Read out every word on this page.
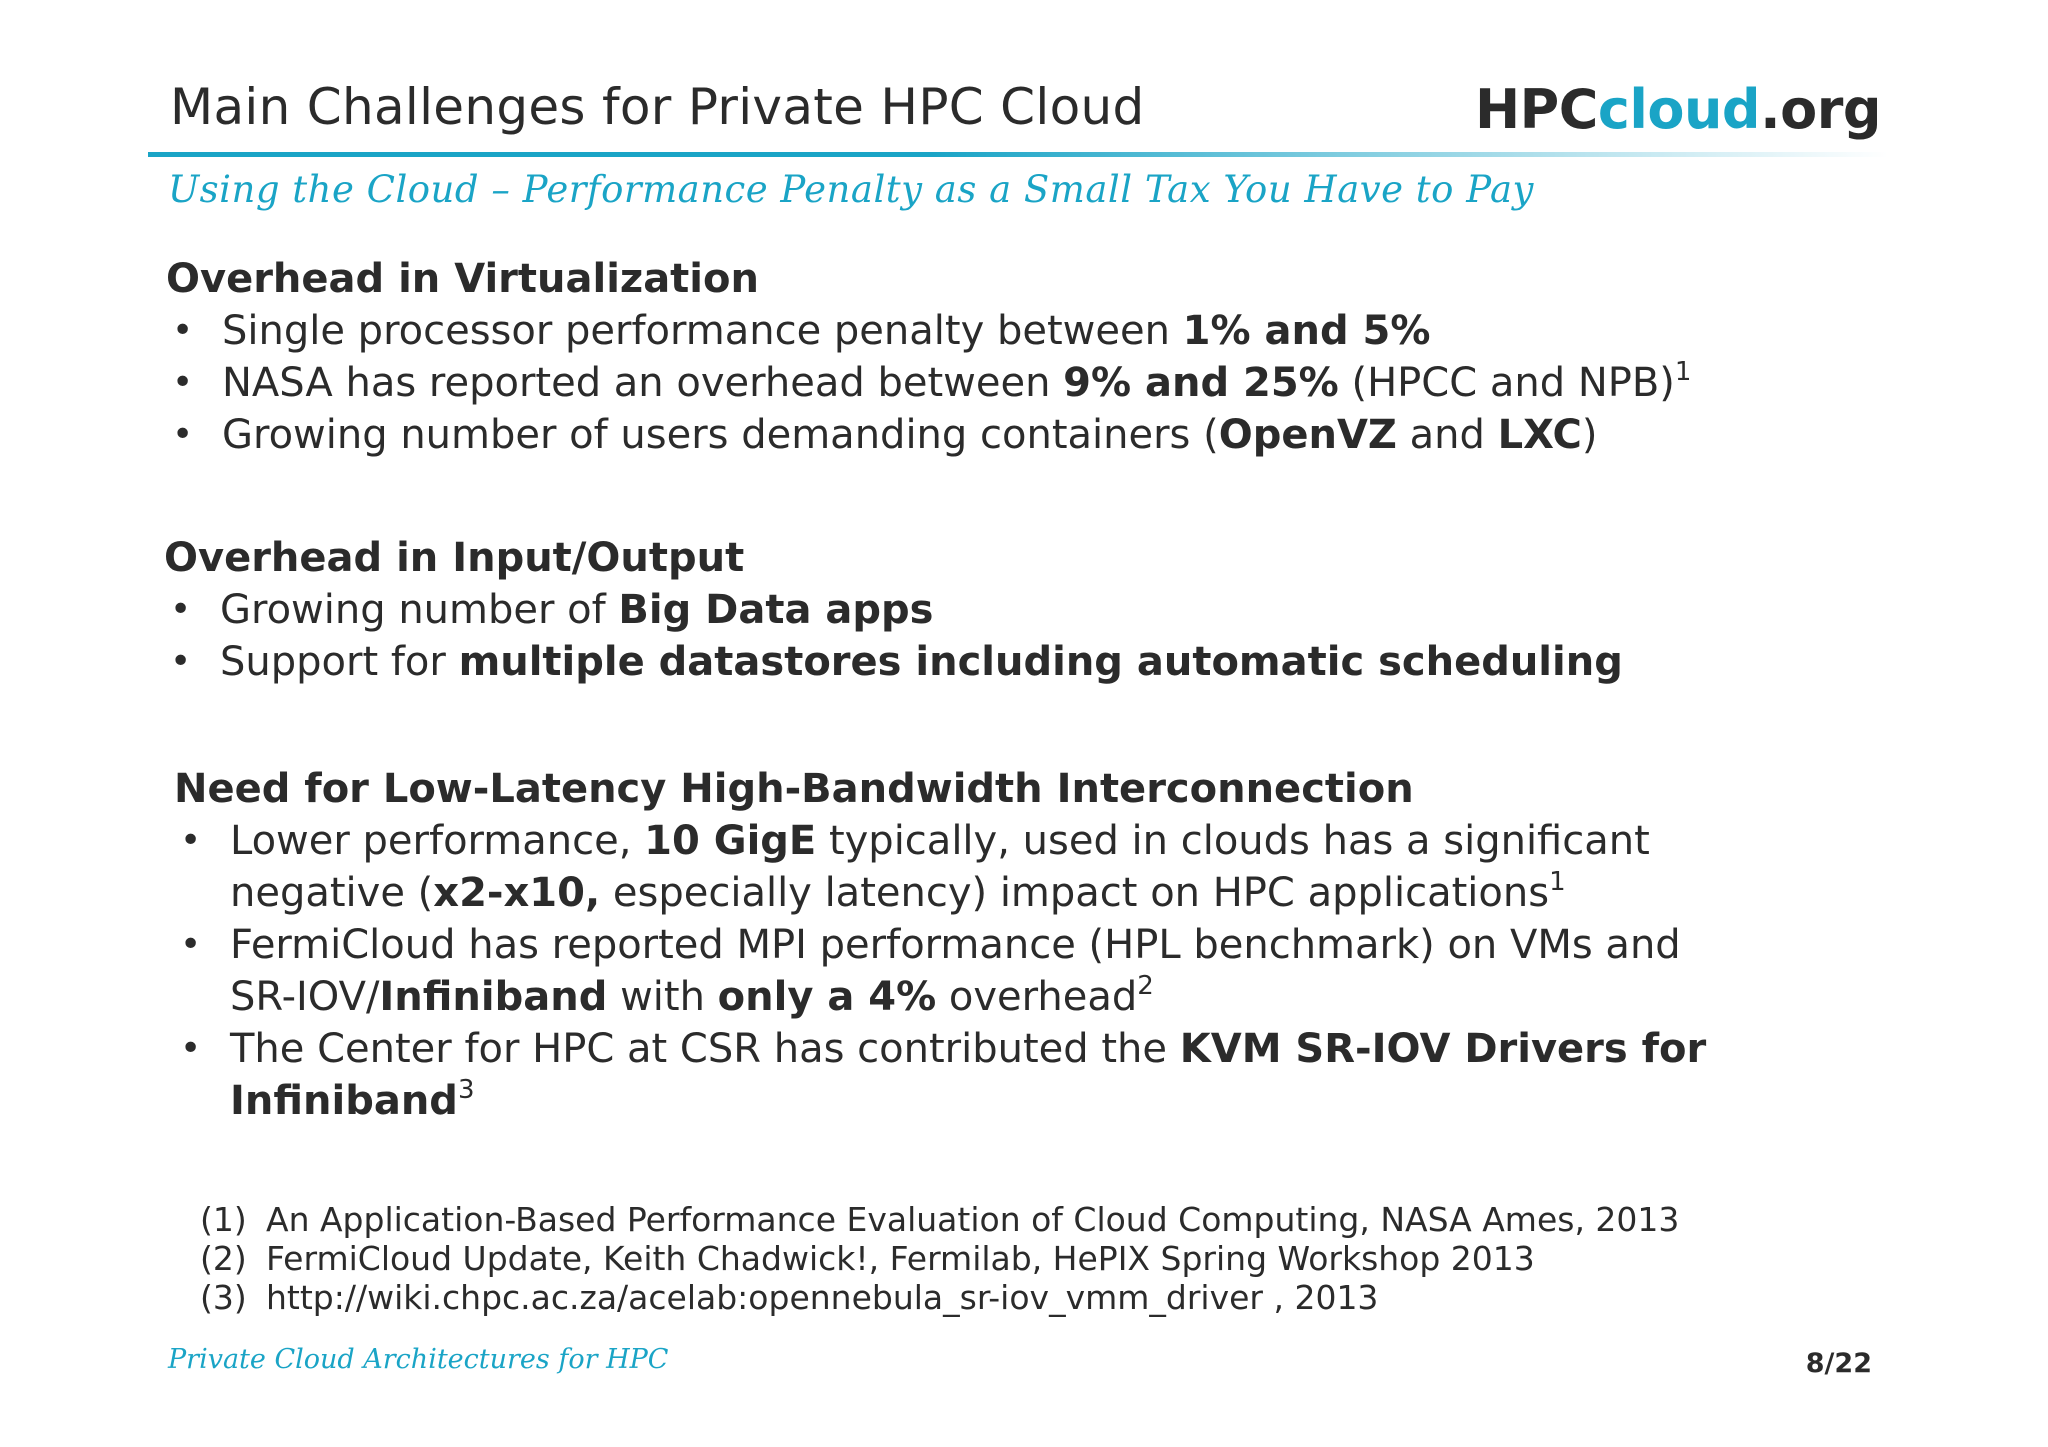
Main Challenges for Private HPC Cloud	HPCcloud.org
Using the Cloud – Performance Penalty as a Small Tax You Have to Pay
Overhead in Virtualization
• Single processor performance penalty between 1% and 5%
• NASA has reported an overhead between 9% and 25% (HPCC and NPB)$^1$
• Growing number of users demanding containers (OpenVZ and LXC)
Overhead in Input/Output
• Growing number of Big Data apps
• Support for multiple datastores including automatic scheduling
Need for Low-Latency High-Bandwidth Interconnection
• Lower performance, 10 GigE typically, used in clouds has a significant
negative (x2-x10, especially latency) impact on HPC applications$^1$
• FermiCloud has reported MPI performance (HPL benchmark) on VMs and
SR-IOV/Infiniband with only a 4% overhead$^2$
• The Center for HPC at CSR has contributed the KVM SR-IOV Drivers for
Infiniband$^3$
(1) An Application-Based Performance Evaluation of Cloud Computing, NASA Ames, 2013
(2) FermiCloud Update, Keith Chadwick!, Fermilab, HePIX Spring Workshop 2013
(3) http://wiki.chpc.ac.za/acelab:opennebula_sr-iov_vmm_driver , 2013
Private Cloud Architectures for HPC	8/22
